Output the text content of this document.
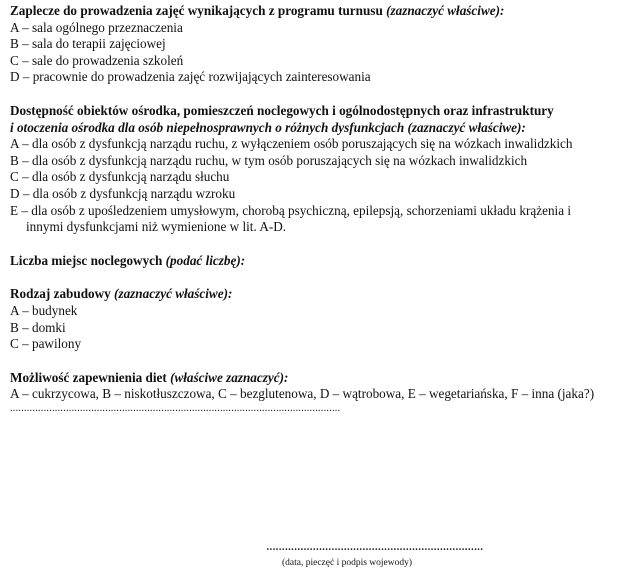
Zaplecze do prowadzenia zajęć wynikających z programu turnusu (zaznaczyć właściwe):

A – sala ogólnego przeznaczenia

B – sala do terapii zajęciowej

C – sale do prowadzenia szkoleń

D – pracownie do prowadzenia zajęć rozwijających zainteresowania

Dostępność obiektów ośrodka, pomieszczeń noclegowych i ogólnodostępnych oraz infrastruktury
i otoczenia ośrodka dla osób niepełnosprawnych o różnych dysfunkcjach (zaznaczyć właściwe):

A – dla osób z dysfunkcją narządu ruchu, z wyłączeniem osób poruszających się na wózkach inwalidzkich

B – dla osób z dysfunkcją narządu ruchu, w tym osób poruszających się na wózkach inwalidzkich

C – dla osób z dysfunkcją narządu słuchu

D – dla osób z dysfunkcją narządu wzroku

E – dla osób z upośledzeniem umysłowym, chorobą psychiczną, epilepsją, schorzeniami układu krążenia i
innymi dysfunkcjami niż wymienione w lit. A-D.

Liczba miejsc noclegowych (podać liczbę):

Rodzaj zabudowy (zaznaczyć właściwe):

A – budynek

B – domki

C – pawilony

Możliwość zapewnienia diet (właściwe zaznaczyć):

A – cukrzycowa, B – niskotłuszczowa, C – bezglutenowa, D – wątrobowa, E – wegetariańska, F – inna (jaka?)

......................................................................................................................

......................................................................
(data, pieczęć i podpis wojewody)
